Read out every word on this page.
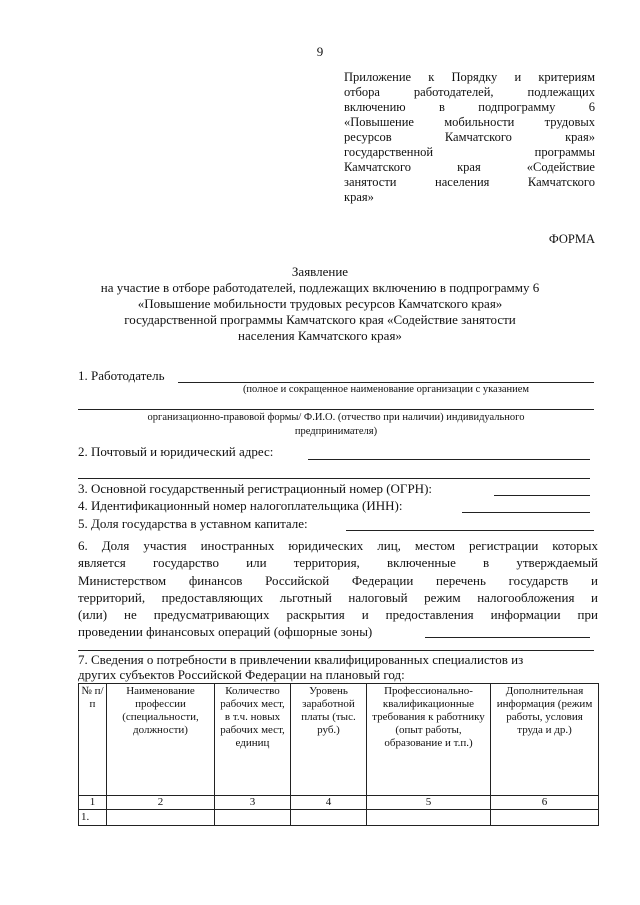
9
Приложение к Порядку и критериям
отбора	работодателей,	подлежащих
включению	в	подпрограмму	6
«Повышение мобильности трудовых
ресурсов	Камчатского	края»
государственной	программы
Камчатского	края	«Содействие
занятости	населения	Камчатского
края»
ФОРМА
Заявление
на участие в отборе работодателей, подлежащих включению в подпрограмму 6
«Повышение мобильности трудовых ресурсов Камчатского края»
государственной программы Камчатского края «Содействие занятости
населения Камчатского края»
1. Работодатель
(полное и сокращенное наименование организации с указанием
организационно-правовой формы/ Ф.И.О. (отчество при наличии) индивидуального
предпринимателя)
2. Почтовый и юридический адрес:
3. Основной государственный регистрационный номер (ОГРН):
4. Идентификационный номер налогоплательщика (ИНН):
5. Доля государства в уставном капитале:
6. Доля участия иностранных юридических лиц, местом регистрации которых
является государство или территория, включенные в утверждаемый
Министерством финансов Российской Федерации перечень государств и
территорий, предоставляющих льготный налоговый режим налогообложения и
(или) не предусматривающих раскрытия и предоставления информации при
проведении финансовых операций (офшорные зоны)
7. Сведения о потребности в привлечении квалифицированных специалистов из
других субъектов Российской Федерации на плановый год:
№ п/п	Наименование профессии (специальности, должности)	Количество рабочих мест, в т.ч. новых рабочих мест, единиц	Уровень заработной платы (тыс. руб.)	Профессионально-квалификационные требования к работнику (опыт работы, образование и т.п.)	Дополнительная информация (режим работы, условия труда и др.)
1	2	3	4	5	6
1.					
